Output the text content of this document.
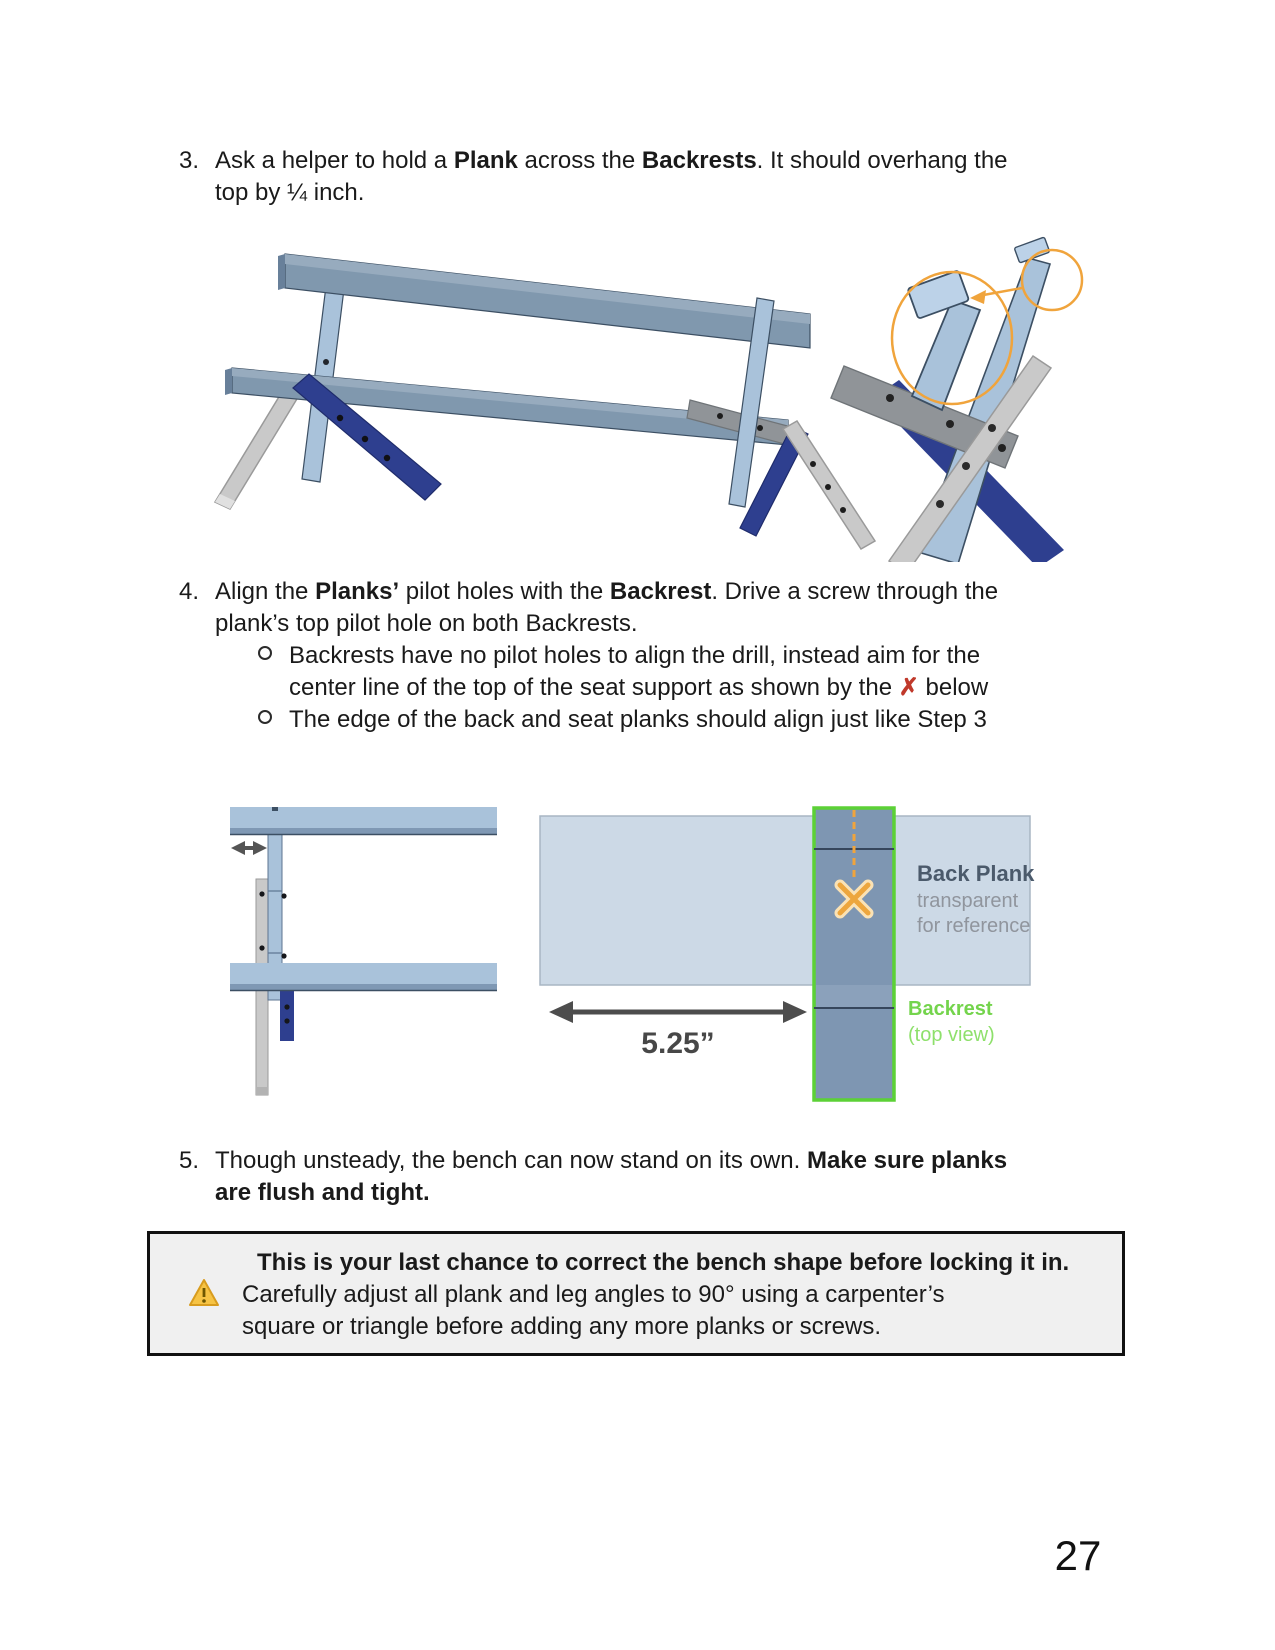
3. Ask a helper to hold a Plank across the Backrests. It should overhang the
top by ¼ inch.
4. Align the Planks’ pilot holes with the Backrest. Drive a screw through the
plank’s top pilot hole on both Backrests.
Backrests have no pilot holes to align the drill, instead aim for the
center line of the top of the seat support as shown by the ✗ below
The edge of the back and seat planks should align just like Step 3
5.25”
Back Plank
transparent
for reference
Backrest
(top view)
5. Though unsteady, the bench can now stand on its own. Make sure planks
are flush and tight.
This is your last chance to correct the bench shape before locking it in.
Carefully adjust all plank and leg angles to 90° using a carpenter’s
square or triangle before adding any more planks or screws.
27
